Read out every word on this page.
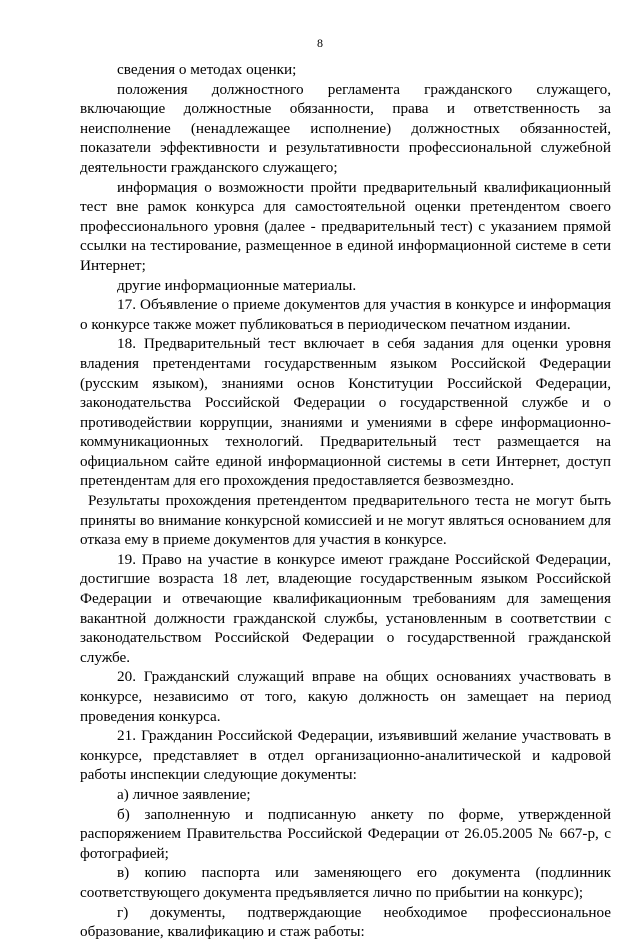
8

сведения о методах оценки;

положения должностного регламента гражданского служащего, включающие должностные обязанности, права и ответственность за неисполнение (ненадлежащее исполнение) должностных обязанностей, показатели эффективности и результативности профессиональной служебной деятельности гражданского служащего;

информация о возможности пройти предварительный квалификационный тест вне рамок конкурса для самостоятельной оценки претендентом своего профессионального уровня (далее - предварительный тест) с указанием прямой ссылки на тестирование, размещенное в единой информационной системе в сети Интернет;

другие информационные материалы.

17. Объявление о приеме документов для участия в конкурсе и информация о конкурсе также может публиковаться в периодическом печатном издании.

18. Предварительный тест включает в себя задания для оценки уровня владения претендентами государственным языком Российской Федерации (русским языком), знаниями основ Конституции Российской Федерации, законодательства Российской Федерации о государственной службе и о противодействии коррупции, знаниями и умениями в сфере информационно-коммуникационных технологий. Предварительный тест размещается на официальном сайте единой информационной системы в сети Интернет, доступ претендентам для его прохождения предоставляется безвозмездно.

Результаты прохождения претендентом предварительного теста не могут быть приняты во внимание конкурсной комиссией и не могут являться основанием для отказа ему в приеме документов для участия в конкурсе.

19. Право на участие в конкурсе имеют граждане Российской Федерации, достигшие возраста 18 лет, владеющие государственным языком Российской Федерации и отвечающие квалификационным требованиям для замещения вакантной должности гражданской службы, установленным в соответствии с законодательством Российской Федерации о государственной гражданской службе.

20. Гражданский служащий вправе на общих основаниях участвовать в конкурсе, независимо от того, какую должность он замещает на период проведения конкурса.

21. Гражданин Российской Федерации, изъявивший желание участвовать в конкурсе, представляет в отдел организационно-аналитической и кадровой работы инспекции следующие документы:

а) личное заявление;

б) заполненную и подписанную анкету по форме, утвержденной распоряжением Правительства Российской Федерации от 26.05.2005 № 667-р, с фотографией;

в) копию паспорта или заменяющего его документа (подлинник соответствующего документа предъявляется лично по прибытии на конкурс);

г) документы, подтверждающие необходимое профессиональное образование, квалификацию и стаж работы:
